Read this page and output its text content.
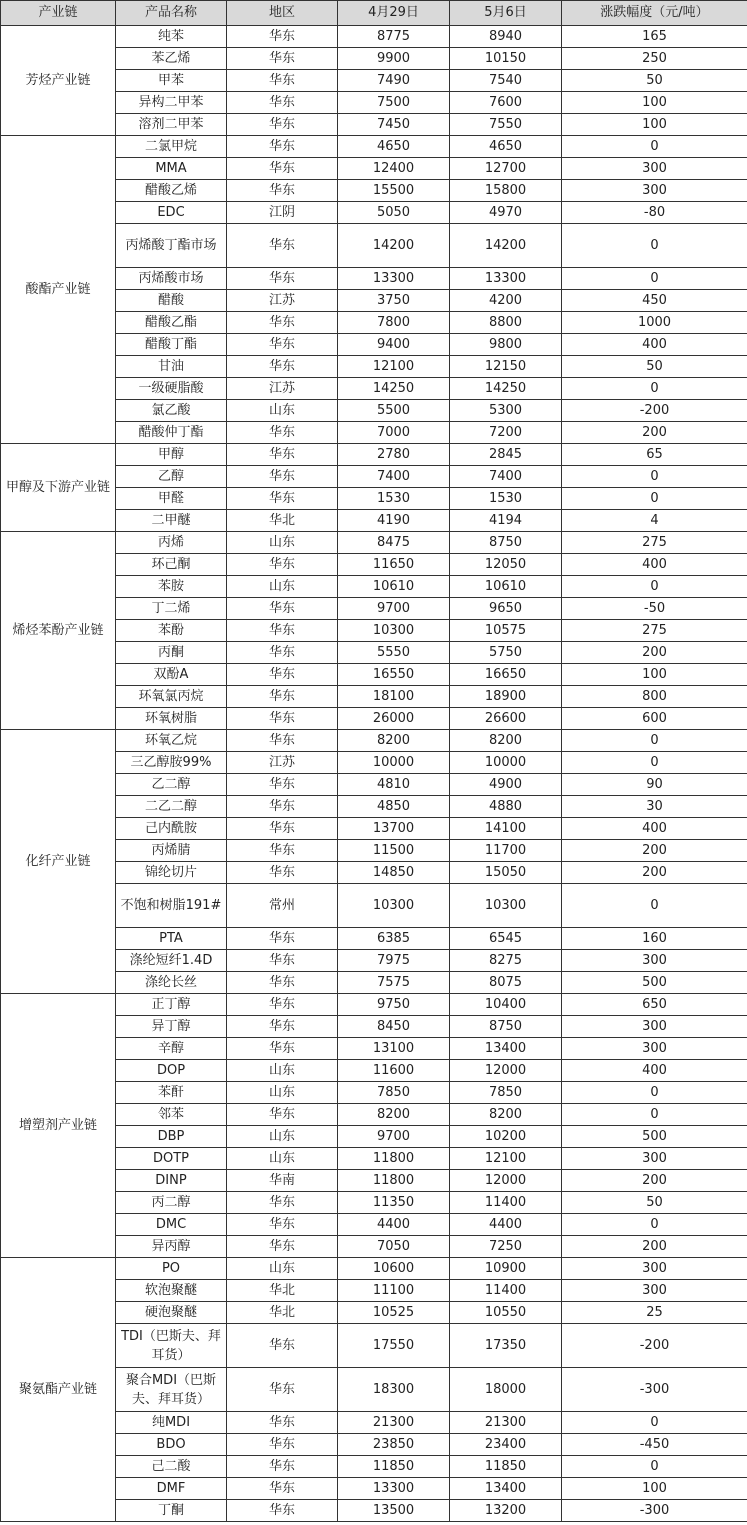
产业链	产品名称	地区	4月29日	5月6日	涨跌幅度（元/吨）
芳烃产业链	纯苯	华东	8775	8940	165
	苯乙烯	华东	9900	10150	250
	甲苯	华东	7490	7540	50
	异构二甲苯	华东	7500	7600	100
	溶剂二甲苯	华东	7450	7550	100
酸酯产业链	二氯甲烷	华东	4650	4650	0
	MMA	华东	12400	12700	300
	醋酸乙烯	华东	15500	15800	300
	EDC	江阴	5050	4970	-80
	丙烯酸丁酯市场	华东	14200	14200	0
	丙烯酸市场	华东	13300	13300	0
	醋酸	江苏	3750	4200	450
	醋酸乙酯	华东	7800	8800	1000
	醋酸丁酯	华东	9400	9800	400
	甘油	华东	12100	12150	50
	一级硬脂酸	江苏	14250	14250	0
	氯乙酸	山东	5500	5300	-200
	醋酸仲丁酯	华东	7000	7200	200
甲醇及下游产业链	甲醇	华东	2780	2845	65
	乙醇	华东	7400	7400	0
	甲醛	华东	1530	1530	0
	二甲醚	华北	4190	4194	4
烯烃苯酚产业链	丙烯	山东	8475	8750	275
	环己酮	华东	11650	12050	400
	苯胺	山东	10610	10610	0
	丁二烯	华东	9700	9650	-50
	苯酚	华东	10300	10575	275
	丙酮	华东	5550	5750	200
	双酚A	华东	16550	16650	100
	环氧氯丙烷	华东	18100	18900	800
	环氧树脂	华东	26000	26600	600
化纤产业链	环氧乙烷	华东	8200	8200	0
	三乙醇胺99%	江苏	10000	10000	0
	乙二醇	华东	4810	4900	90
	二乙二醇	华东	4850	4880	30
	己内酰胺	华东	13700	14100	400
	丙烯腈	华东	11500	11700	200
	锦纶切片	华东	14850	15050	200
	不饱和树脂191#	常州	10300	10300	0
	PTA	华东	6385	6545	160
	涤纶短纤1.4D	华东	7975	8275	300
	涤纶长丝	华东	7575	8075	500
增塑剂产业链	正丁醇	华东	9750	10400	650
	异丁醇	华东	8450	8750	300
	辛醇	华东	13100	13400	300
	DOP	山东	11600	12000	400
	苯酐	山东	7850	7850	0
	邻苯	华东	8200	8200	0
	DBP	山东	9700	10200	500
	DOTP	山东	11800	12100	300
	DINP	华南	11800	12000	200
	丙二醇	华东	11350	11400	50
	DMC	华东	4400	4400	0
	异丙醇	华东	7050	7250	200
聚氨酯产业链	PO	山东	10600	10900	300
	软泡聚醚	华北	11100	11400	300
	硬泡聚醚	华北	10525	10550	25
	TDI（巴斯夫、拜耳货）	华东	17550	17350	-200
	聚合MDI（巴斯夫、拜耳货）	华东	18300	18000	-300
	纯MDI	华东	21300	21300	0
	BDO	华东	23850	23400	-450
	己二酸	华东	11850	11850	0
	DMF	华东	13300	13400	100
	丁酮	华东	13500	13200	-300
